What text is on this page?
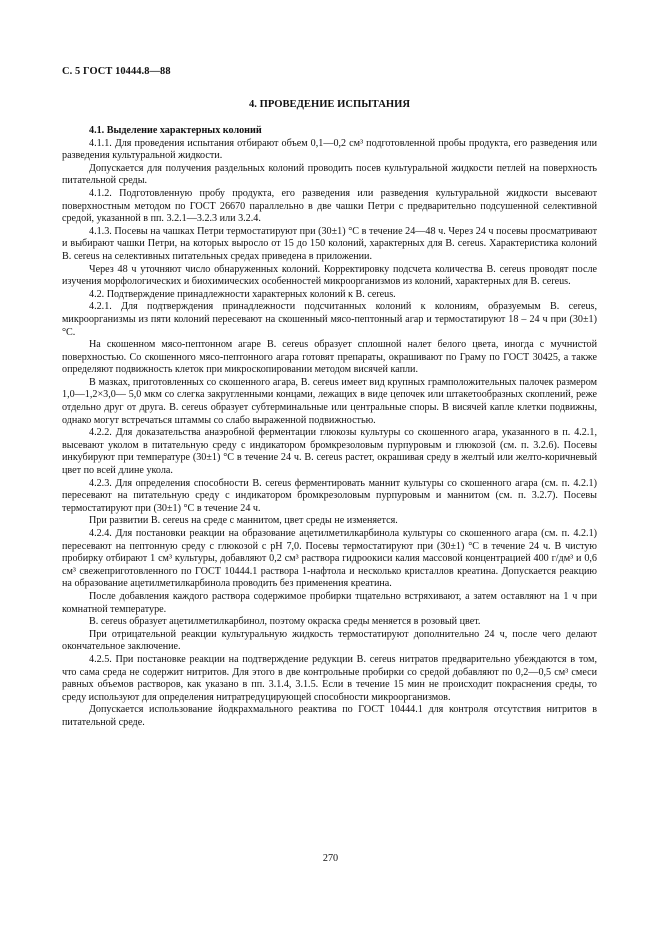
С. 5 ГОСТ 10444.8—88
4. ПРОВЕДЕНИЕ ИСПЫТАНИЯ

4.1. Выделение характерных колоний

4.1.1. Для проведения испытания отбирают объем 0,1—0,2 см³ подготовленной пробы продукта, его разведения или разведения культуральной жидкости.

Допускается для получения раздельных колоний проводить посев культуральной жидкости петлей на поверхность питательной среды.

4.1.2. Подготовленную пробу продукта, его разведения или разведения культуральной жидкости высевают поверхностным методом по ГОСТ 26670 параллельно в две чашки Петри с предварительно подсушенной селективной средой, указанной в пп. 3.2.1—3.2.3 или 3.2.4.

4.1.3. Посевы на чашках Петри термостатируют при (30±1) °С в течение 24—48 ч. Через 24 ч посевы просматривают и выбирают чашки Петри, на которых выросло от 15 до 150 колоний, характерных для B. cereus. Характеристика колоний B. cereus на селективных питательных средах приведена в приложении.

Через 48 ч уточняют число обнаруженных колоний. Корректировку подсчета количества B. cereus проводят после изучения морфологических и биохимических особенностей микроорганизмов из колоний, характерных для B. cereus.

4.2. Подтверждение принадлежности характерных колоний к B. cereus.

4.2.1. Для подтверждения принадлежности подсчитанных колоний к колониям, образуемым B. cereus, микроорганизмы из пяти колоний пересевают на скошенный мясо-пептонный агар и термостатируют 18 – 24 ч при (30±1) °С.

На скошенном мясо-пептонном агаре B. cereus образует сплошной налет белого цвета, иногда с мучнистой поверхностью. Со скошенного мясо-пептонного агара готовят препараты, окрашивают по Граму по ГОСТ 30425, а также определяют подвижность клеток при микроскопировании методом висячей капли.

В мазках, приготовленных со скошенного агара, B. cereus имеет вид крупных грамположительных палочек размером 1,0—1,2×3,0— 5,0 мкм со слегка закругленными концами, лежащих в виде цепочек или штакетообразных скоплений, реже отдельно друг от друга. B. cereus образует субтерминальные или центральные споры. В висячей капле клетки подвижны, однако могут встречаться штаммы со слабо выраженной подвижностью.

4.2.2. Для доказательства анаэробной ферментации глюкозы культуры со скошенного агара, указанного в п. 4.2.1, высевают уколом в питательную среду с индикатором бромкрезоловым пурпуровым и глюкозой (см. п. 3.2.6). Посевы инкубируют при температуре (30±1) °С в течение 24 ч. B. cereus растет, окрашивая среду в желтый или желто-коричневый цвет по всей длине укола.

4.2.3. Для определения способности B. cereus ферментировать маннит культуры со скошенного агара (см. п. 4.2.1) пересевают на питательную среду с индикатором бромкрезоловым пурпуровым и маннитом (см. п. 3.2.7). Посевы термостатируют при (30±1) °С в течение 24 ч.

При развитии B. cereus на среде с маннитом, цвет среды не изменяется.

4.2.4. Для постановки реакции на образование ацетилметилкарбинола культуры со скошенного агара (см. п. 4.2.1) пересевают на пептонную среду с глюкозой с pH 7,0. Посевы термостатируют при (30±1) °С в течение 24 ч. В чистую пробирку отбирают 1 см³ культуры, добавляют 0,2 см³ раствора гидроокиси калия массовой концентрацией 400 г/дм³ и 0,6 см³ свежеприготовленного по ГОСТ 10444.1 раствора 1-нафтола и несколько кристаллов креатина. Допускается реакцию на образование ацетилметилкарбинола проводить без применения креатина.

После добавления каждого раствора содержимое пробирки тщательно встряхивают, а затем оставляют на 1 ч при комнатной температуре.

B. cereus образует ацетилметилкарбинол, поэтому окраска среды меняется в розовый цвет.

При отрицательной реакции культуральную жидкость термостатируют дополнительно 24 ч, после чего делают окончательное заключение.

4.2.5. При постановке реакции на подтверждение редукции B. cereus нитратов предварительно убеждаются в том, что сама среда не содержит нитритов. Для этого в две контрольные пробирки со средой добавляют по 0,2—0,5 см³ смеси равных объемов растворов, как указано в пп. 3.1.4, 3.1.5. Если в течение 15 мин не происходит покраснения среды, то среду используют для определения нитратредуцирующей способности микроорганизмов.

Допускается использование йодкрахмального реактива по ГОСТ 10444.1 для контроля отсутствия нитритов в питательной среде.

270
